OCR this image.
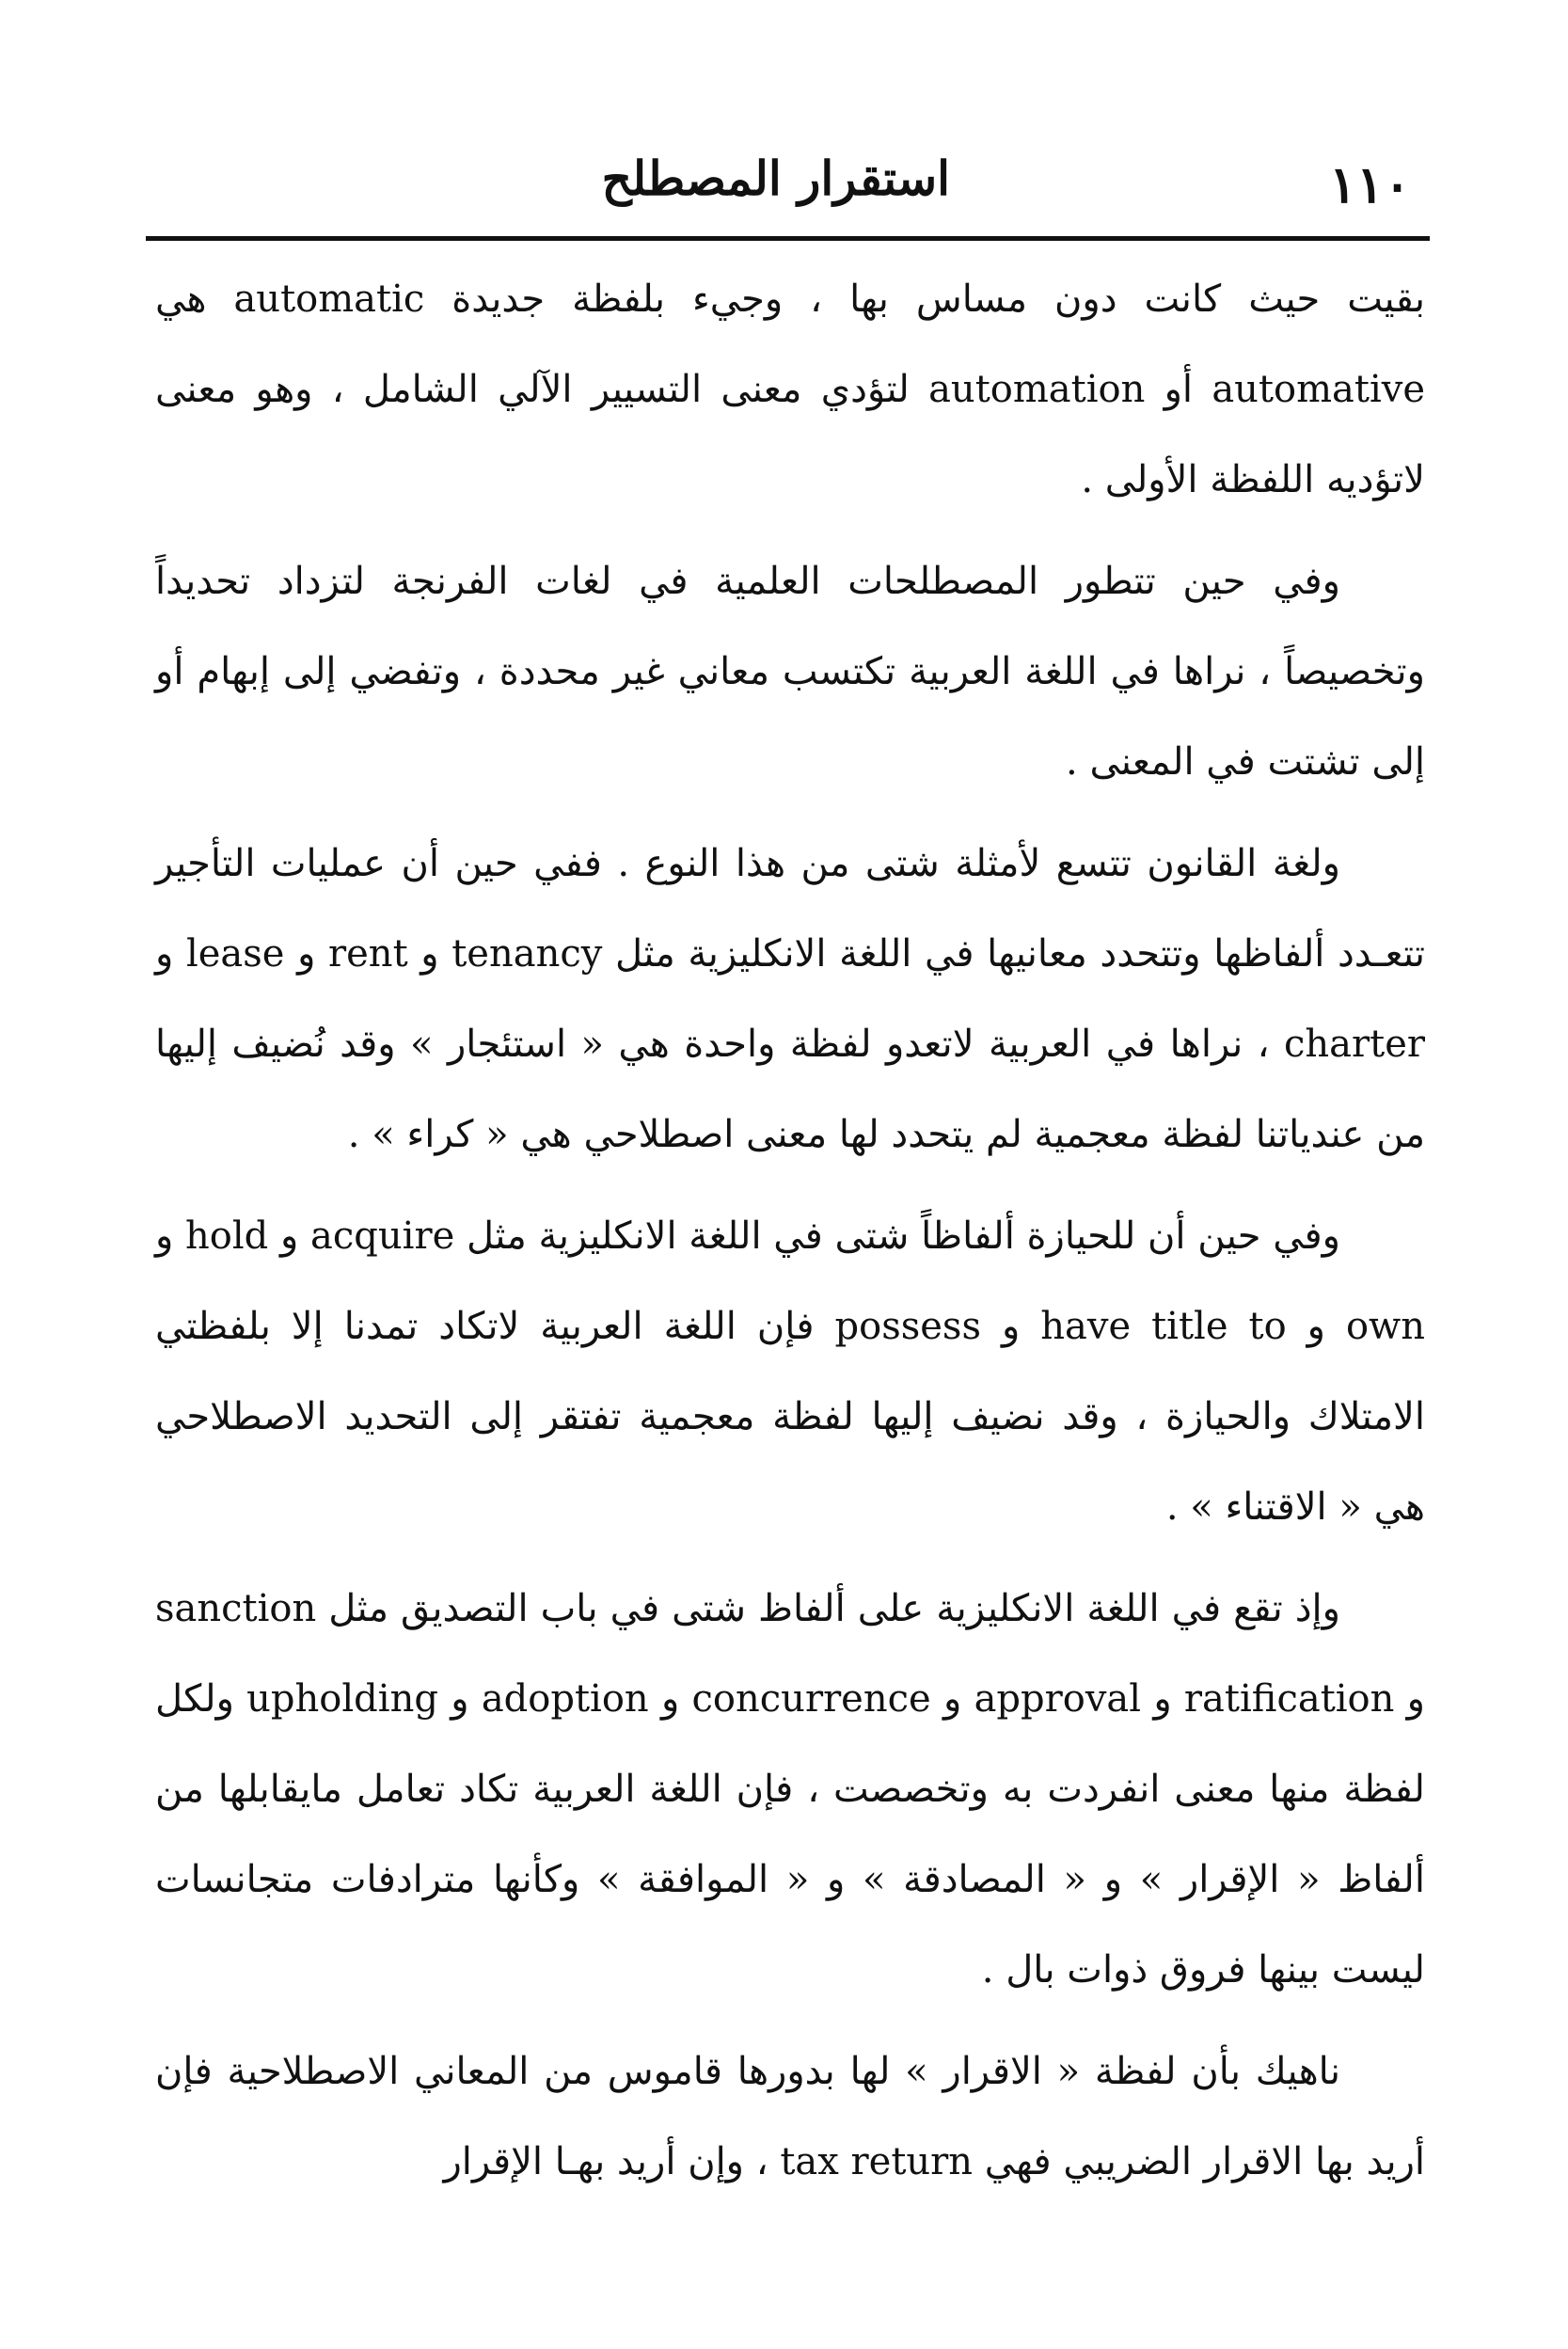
١١٠
استقرار المصطلح

بقيت حيث كانت دون مساس بها ، وجيء بلفظة جديدة automatic هي automative أو automation لتؤدي معنى التسيير الآلي الشامل ، وهو معنى لاتؤديه اللفظة الأولى .

وفي حين تتطور المصطلحات العلمية في لغات الفرنجة لتزداد تحديداً وتخصيصاً ، نراها في اللغة العربية تكتسب معاني غير محددة ، وتفضي إلى إبهام أو إلى تشتت في المعنى .

ولغة القانون تتسع لأمثلة شتى من هذا النوع . ففي حين أن عمليات التأجير تتعـدد ألفاظها وتتحدد معانيها في اللغة الانكليزية مثل tenancy و rent و lease و charter ، نراها في العربية لاتعدو لفظة واحدة هي « استئجار » وقد نُضيف إليها من عندياتنا لفظة معجمية لم يتحدد لها معنى اصطلاحي هي « كراء » .

وفي حين أن للحيازة ألفاظاً شتى في اللغة الانكليزية مثل acquire و hold و own و have title to و possess فإن اللغة العربية لاتكاد تمدنا إلا بلفظتي الامتلاك والحيازة ، وقد نضيف إليها لفظة معجمية تفتقر إلى التحديد الاصطلاحي هي « الاقتناء » .

وإذ تقع في اللغة الانكليزية على ألفاظ شتى في باب التصديق مثل sanction و ratification و approval و concurrence و adoption و upholding ولكل لفظة منها معنى انفردت به وتخصصت ، فإن اللغة العربية تكاد تعامل مايقابلها من ألفاظ « الإقرار » و « المصادقة » و « الموافقة » وكأنها مترادفات متجانسات ليست بينها فروق ذوات بال .

ناهيك بأن لفظة « الاقرار » لها بدورها قاموس من المعاني الاصطلاحية فإن أريد بها الاقرار الضريبي فهي tax return ، وإن أريد بهـا الإقرار
